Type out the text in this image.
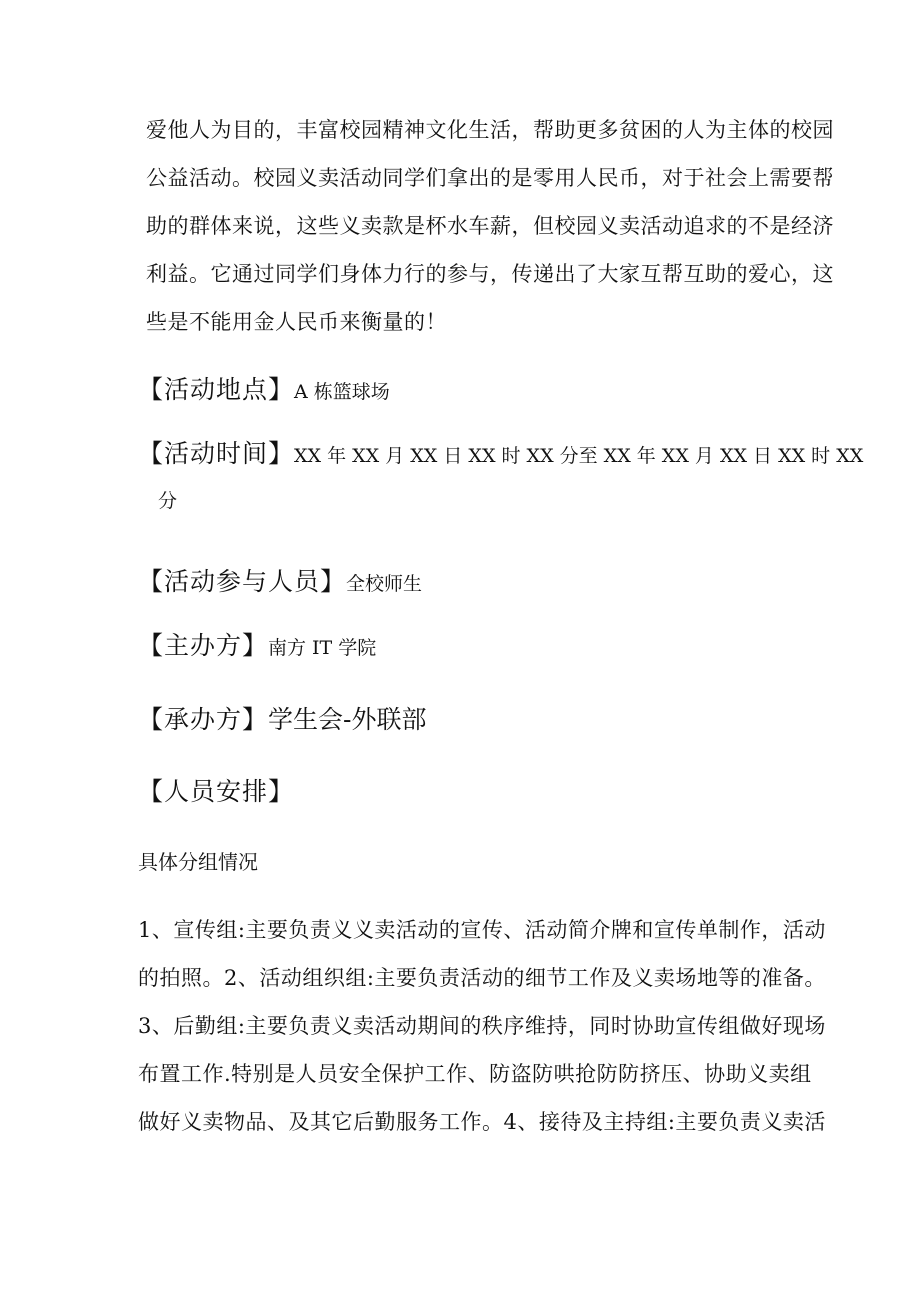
爱他人为目的，丰富校园精神文化生活，帮助更多贫困的人为主体的校园
公益活动。校园义卖活动同学们拿出的是零用人民币，对于社会上需要帮
助的群体来说，这些义卖款是杯水车薪，但校园义卖活动追求的不是经济
利益。它通过同学们身体力行的参与，传递出了大家互帮互助的爱心，这
些是不能用金人民币来衡量的！
【活动地点】A 栋篮球场
【活动时间】XX 年 XX 月 XX 日 XX 时 XX 分至 XX 年 XX 月 XX 日 XX 时 XX
分
【活动参与人员】全校师生
【主办方】南方 IT 学院
【承办方】学生会-外联部
【人员安排】
具体分组情况
1、宣传组:主要负责义义卖活动的宣传、活动简介牌和宣传单制作，活动
的拍照。2、活动组织组:主要负责活动的细节工作及义卖场地等的准备。
3、后勤组:主要负责义卖活动期间的秩序维持，同时协助宣传组做好现场
布置工作.特别是人员安全保护工作、防盗防哄抢防防挤压、协助义卖组
做好义卖物品、及其它后勤服务工作。4、接待及主持组:主要负责义卖活
